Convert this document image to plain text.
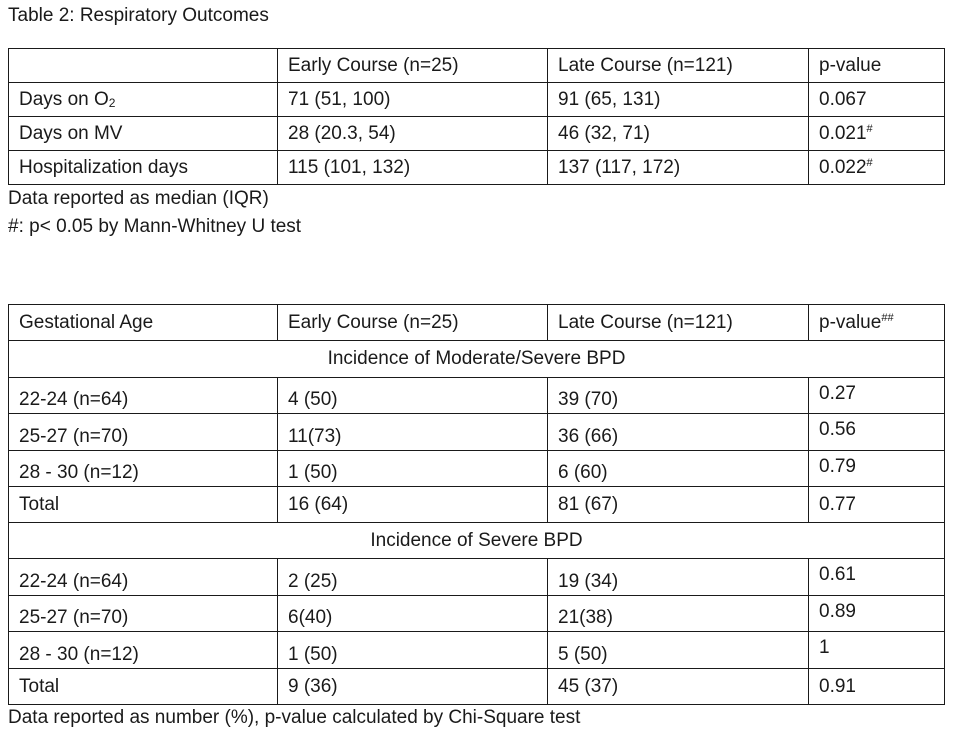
Table 2: Respiratory Outcomes
	Early Course (n=25)	Late Course (n=121)	p-value
Days on $O_2$	71 (51, 100)	91 (65, 131)	0.067
Days on MV	28 (20.3, 54)	46 (32, 71)	0.021#
Hospitalization days	115 (101, 132)	137 (117, 172)	0.022#
Data reported as median (IQR)
#: p< 0.05 by Mann-Whitney U test
Gestational Age	Early Course (n=25)	Late Course (n=121)	p-value##
Incidence of Moderate/Severe BPD			
22-24 (n=64)	4 (50)	39 (70)	0.27
25-27 (n=70)	11(73)	36 (66)	0.56
28 - 30 (n=12)	1 (50)	6 (60)	0.79
Total	16 (64)	81 (67)	0.77
Incidence of Severe BPD			
22-24 (n=64)	2 (25)	19 (34)	0.61
25-27 (n=70)	6(40)	21(38)	0.89
28 - 30 (n=12)	1 (50)	5 (50)	1
Total	9 (36)	45 (37)	0.91
Data reported as number (%), p-value calculated by Chi-Square test
